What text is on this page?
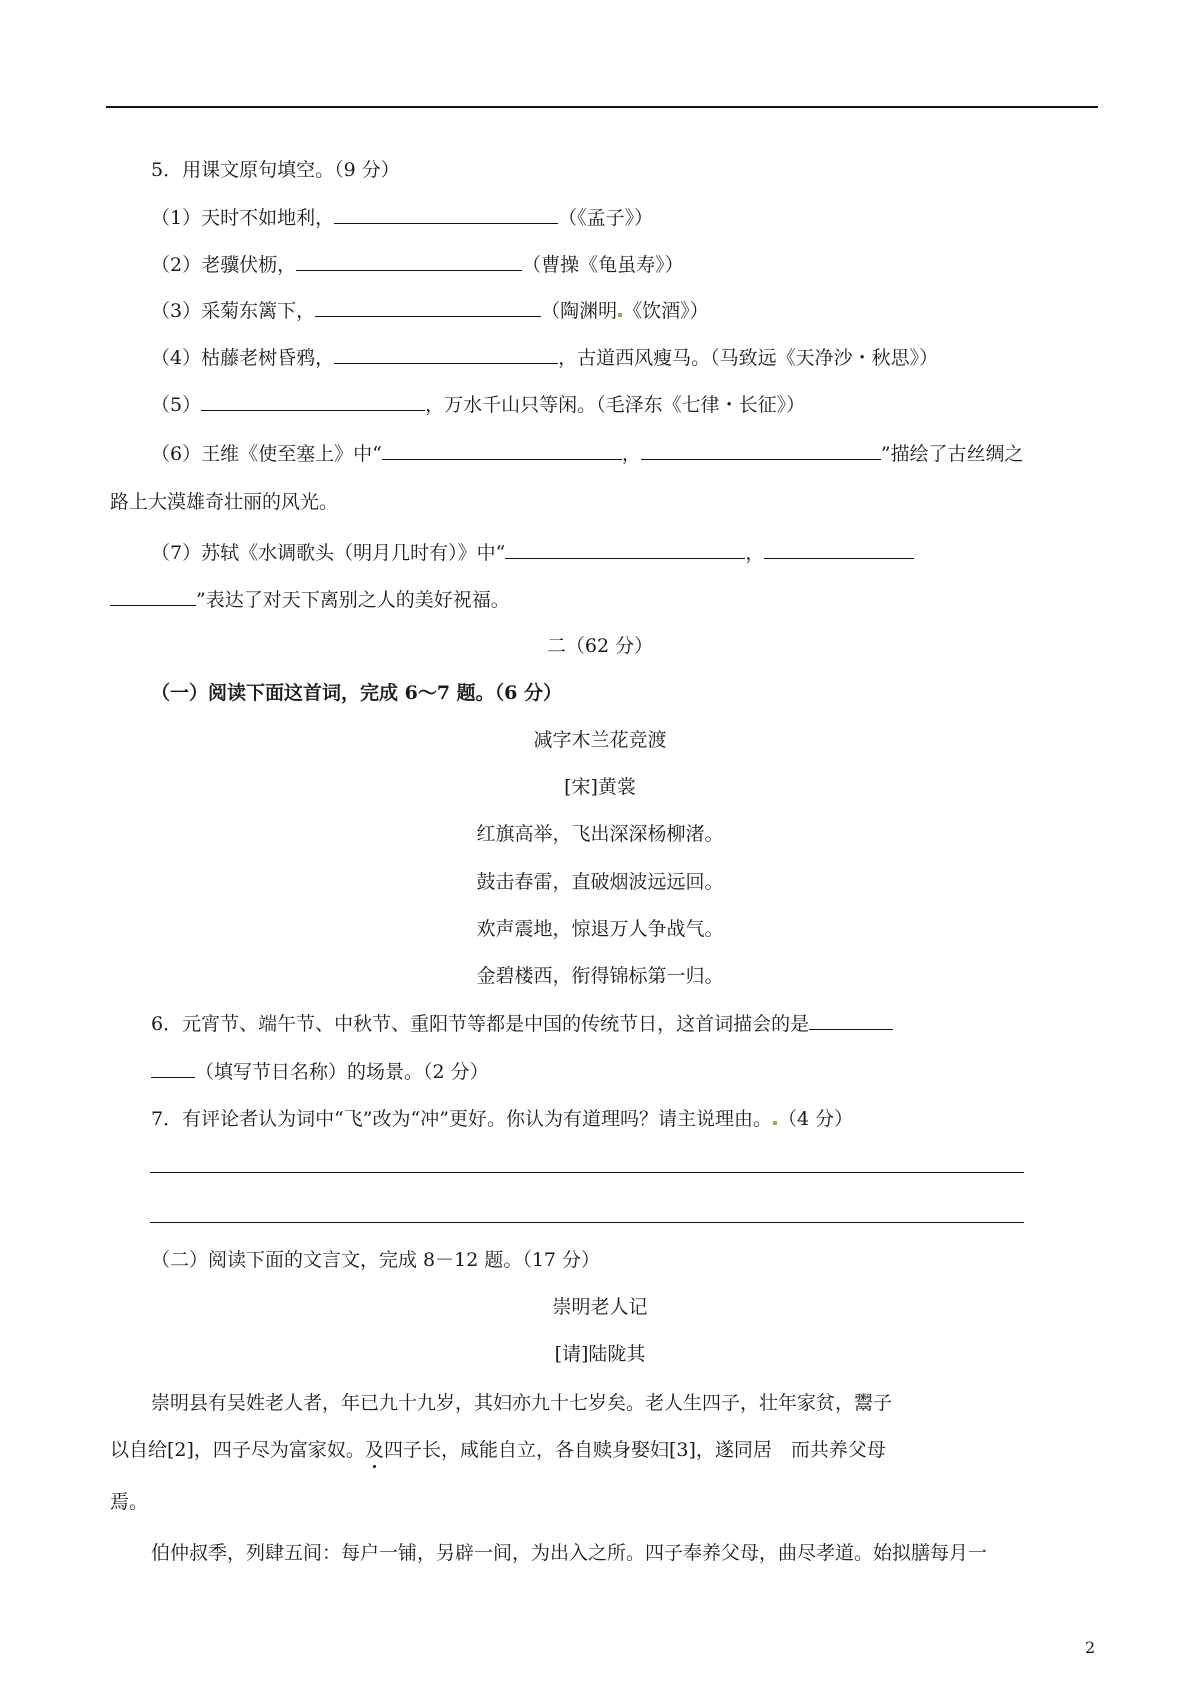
5．用课文原句填空。（9 分）
（1）天时不如地利，	（《孟子》）
（2）老骥伏枥，	（曹操《龟虽寿》）
（3）采菊东篱下，	（陶渊明 《饮酒》）
（4）枯藤老树昏鸦，	，古道西风瘦马。（马致远《天净沙・秋思》）
（5）	，万水千山只等闲。（毛泽东《七律・长征》）
（6）王维《使至塞上》中“	，	”描绘了古丝绸之
路上大漠雄奇壮丽的风光。
（7）苏轼《水调歌头（明月几时有）》中“	，
”表达了对天下离别之人的美好祝福。
二（62 分）
（一）阅读下面这首词，完成 6～7 题。（6 分）
减字木兰花竞渡
[宋]黄裳
红旗高举，飞出深深杨柳渚。
鼓击春雷，直破烟波远远回。
欢声震地，惊退万人争战气。
金碧楼西，衔得锦标第一归。
6．元宵节、端午节、中秋节、重阳节等都是中国的传统节日，这首词描会的是
（填写节日名称）的场景。（2 分）
7．有评论者认为词中“飞”改为“冲”更好。你认为有道理吗？请主说理由。 （4 分）
（二）阅读下面的文言文，完成 8－12 题。（17 分）
崇明老人记
[请]陆陇其
崇明县有吴姓老人者，年已九十九岁，其妇亦九十七岁矣。老人生四子，壮年家贫，鬻子
以自给[2]，四子尽为富家奴。及四子长，咸能自立，各自赎身娶妇[3]，遂同居　而共养父母
焉。
伯仲叔季，列肆五间：每户一铺，另辟一间，为出入之所。四子奉养父母，曲尽孝道。始拟膳每月一
2
